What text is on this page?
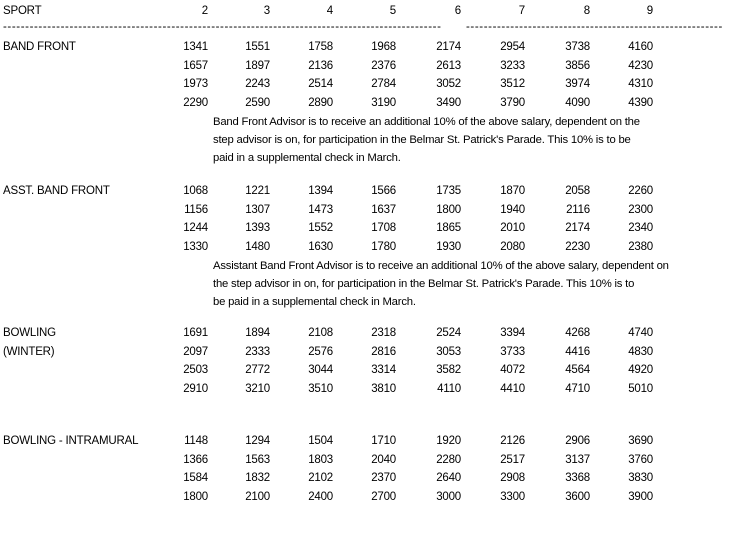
SPORT	2	3	4	5	6	7	8	9
--------------------------------------------------------------------------------------------------- ----------------------------------------------------------
BAND FRONT	1341	1551	1758	1968	2174	2954	3738	4160
1657	1897	2136	2376	2613	3233	3856	4230
1973	2243	2514	2784	3052	3512	3974	4310
2290	2590	2890	3190	3490	3790	4090	4390
Band Front Advisor is to receive an additional 10% of the above salary, dependent on the
step advisor is on, for participation in the Belmar St. Patrick's Parade. This 10% is to be
paid in a supplemental check in March.
ASST. BAND FRONT	1068	1221	1394	1566	1735	1870	2058	2260
1156	1307	1473	1637	1800	1940	2116	2300
1244	1393	1552	1708	1865	2010	2174	2340
1330	1480	1630	1780	1930	2080	2230	2380
Assistant Band Front Advisor is to receive an additional 10% of the above salary, dependent on
the step advisor in on, for participation in the Belmar St. Patrick's Parade. This 10% is to
be paid in a supplemental check in March.
BOWLING
(WINTER)
1691	1894	2108	2318	2524	3394	4268	4740
2097	2333	2576	2816	3053	3733	4416	4830
2503	2772	3044	3314	3582	4072	4564	4920
2910	3210	3510	3810	4110	4410	4710	5010
BOWLING - INTRAMURAL	1148	1294	1504	1710	1920	2126	2906	3690
1366	1563	1803	2040	2280	2517	3137	3760
1584	1832	2102	2370	2640	2908	3368	3830
1800	2100	2400	2700	3000	3300	3600	3900
